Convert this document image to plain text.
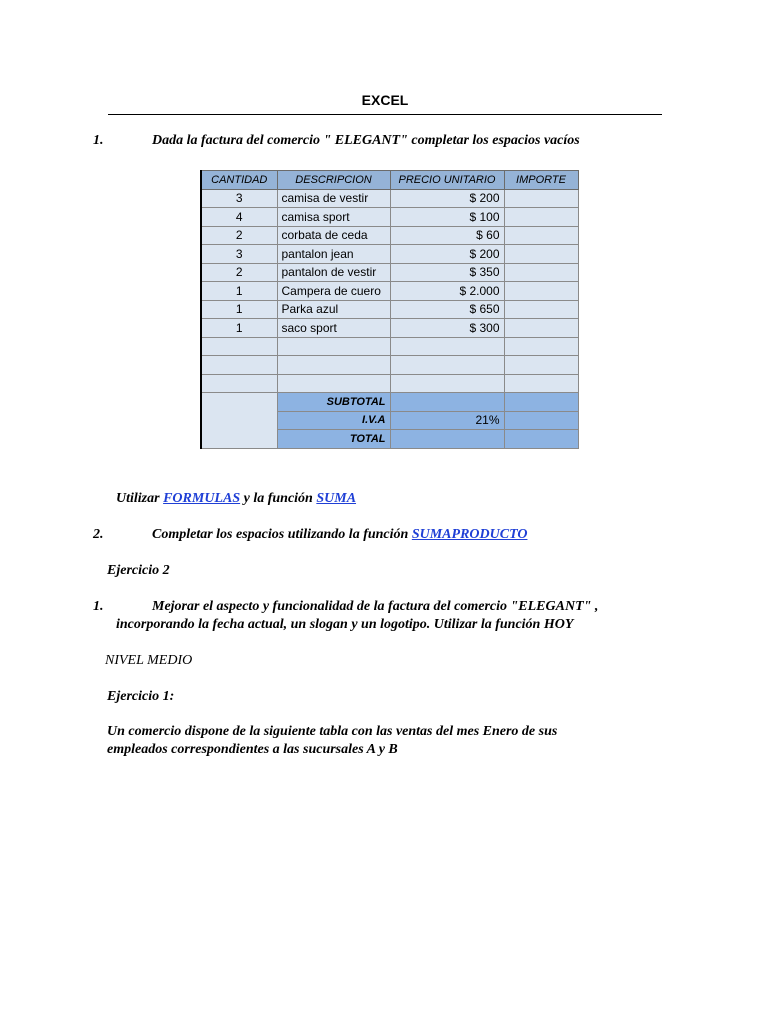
EXCEL
1.	Dada la factura del comercio " ELEGANT" completar los espacios vacíos
CANTIDAD	DESCRIPCION	PRECIO UNITARIO	IMPORTE
3	camisa de vestir	$ 200	
4	camisa sport	$ 100	
2	corbata de ceda	$ 60	
3	pantalon jean	$ 200	
2	pantalon de vestir	$ 350	
1	Campera de cuero	$ 2.000	
1	Parka azul	$ 650	
1	saco sport	$ 300	

	SUBTOTAL		
	I.V.A	21%	
	TOTAL		
Utilizar FORMULAS y la función SUMA
2.	Completar los espacios utilizando la función SUMAPRODUCTO
Ejercicio 2
1.	Mejorar el aspecto y funcionalidad de la factura del comercio "ELEGANT" ,
incorporando la fecha actual, un slogan y un logotipo. Utilizar la función HOY
NIVEL MEDIO
Ejercicio 1:
Un comercio dispone de la siguiente tabla con las ventas del mes Enero de sus
empleados correspondientes a las sucursales A y B
